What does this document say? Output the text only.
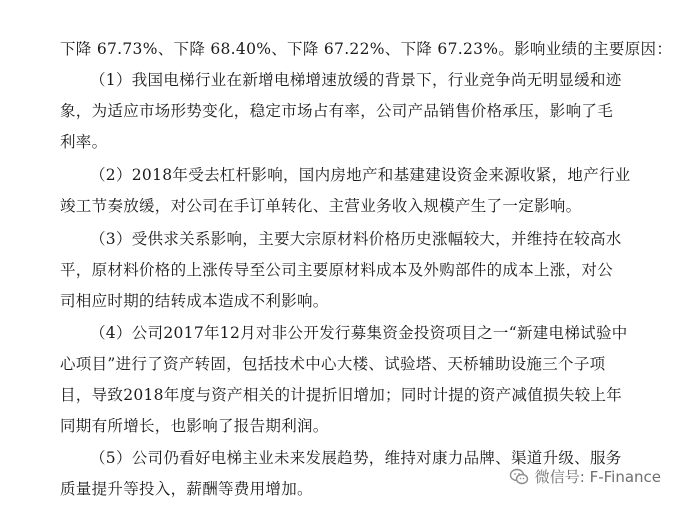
下降 67.73%、下降 68.40%、下降 67.22%、下降 67.23%。影响业绩的主要原因：
（1）我国电梯行业在新增电梯增速放缓的背景下，行业竞争尚无明显缓和迹
象，为适应市场形势变化，稳定市场占有率，公司产品销售价格承压，影响了毛
利率。
（2）2018年受去杠杆影响，国内房地产和基建建设资金来源收紧，地产行业
竣工节奏放缓，对公司在手订单转化、主营业务收入规模产生了一定影响。
（3）受供求关系影响，主要大宗原材料价格历史涨幅较大，并维持在较高水
平，原材料价格的上涨传导至公司主要原材料成本及外购部件的成本上涨，对公
司相应时期的结转成本造成不利影响。
（4）公司2017年12月对非公开发行募集资金投资项目之一“新建电梯试验中
心项目”进行了资产转固，包括技术中心大楼、试验塔、天桥辅助设施三个子项
目，导致2018年度与资产相关的计提折旧增加；同时计提的资产减值损失较上年
同期有所增长，也影响了报告期利润。
（5）公司仍看好电梯主业未来发展趋势，维持对康力品牌、渠道升级、服务
质量提升等投入，薪酬等费用增加。
微信号: F-Finance
